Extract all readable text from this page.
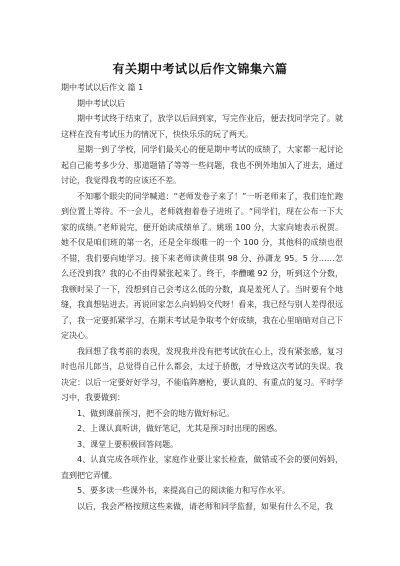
有关期中考试以后作文锦集六篇

期中考试以后作文 篇 1

期中考试以后

期中考试终于结束了，放学以后回到家，写完作业后，便去找同学完了。就这样在没有考试压力的情况下，快快乐乐的玩了两天。

星期一到了学校，同学们最关心的便是期中考试的成绩了，大家都一起讨论起自己能考多少分、那道题错了等等一些问题，我也不例外地加入了进去，通过讨论，我觉得我考的应该还不差。

不知哪个眼尖的同学喊道：“老师发卷子来了！”一听老师来了，我们连忙跑到位置上等待。不一会儿，老师就抱着卷子进班了。“同学们，现在公布一下大家的成绩。”老师说完，便开始读成绩单了。姚瑶 100 分，大家向她表示祝贺。她不仅是咱们班的第一名，还是全年级唯一的一个 100 分，其他科的成绩也很不错，我们要向她学习。接下来老师读黄佳琪 98 分、孙潇龙 95。5 分……怎么还没到我？我的心不由得紧张起来了。终于，李醴曦 92 分，听到这个分数，我顿时呆了一下，没想到自己会考这么低的分数，真是羞死人了。当时要有个地缝，我真想钻进去。再说回家怎么向妈妈交代呀！看来，我已经与别人差得很远了，我一定要抓紧学习，在期末考试是争取考个好成绩，我在心里暗暗对自己下定决心。

我回想了我考前的表现，发现我并没有把考试放在心上，没有紧张感，复习时也吊儿郎当，总觉得自己什么都会，太过于骄傲，才导致这次考试的失误。我决定：以后一定要好好学习，不能临阵磨枪，要认真的、有重点的复习。平时学习中，我要做到：

1、做到课前预习，把不会的地方做好标记。

2、上课认真听讲，做好笔记，尤其是预习时出现的困惑。

3、课堂上要积极回答问题。

4、认真完成各项作业，家庭作业要让家长检查，做错或不会的要问妈妈，直到把它弄懂。

5、要多读一些课外书，来提高自己的阅读能力和写作水平。

以后，我会严格按照这些来做，请老师和同学监督，如果有什么不足，我
